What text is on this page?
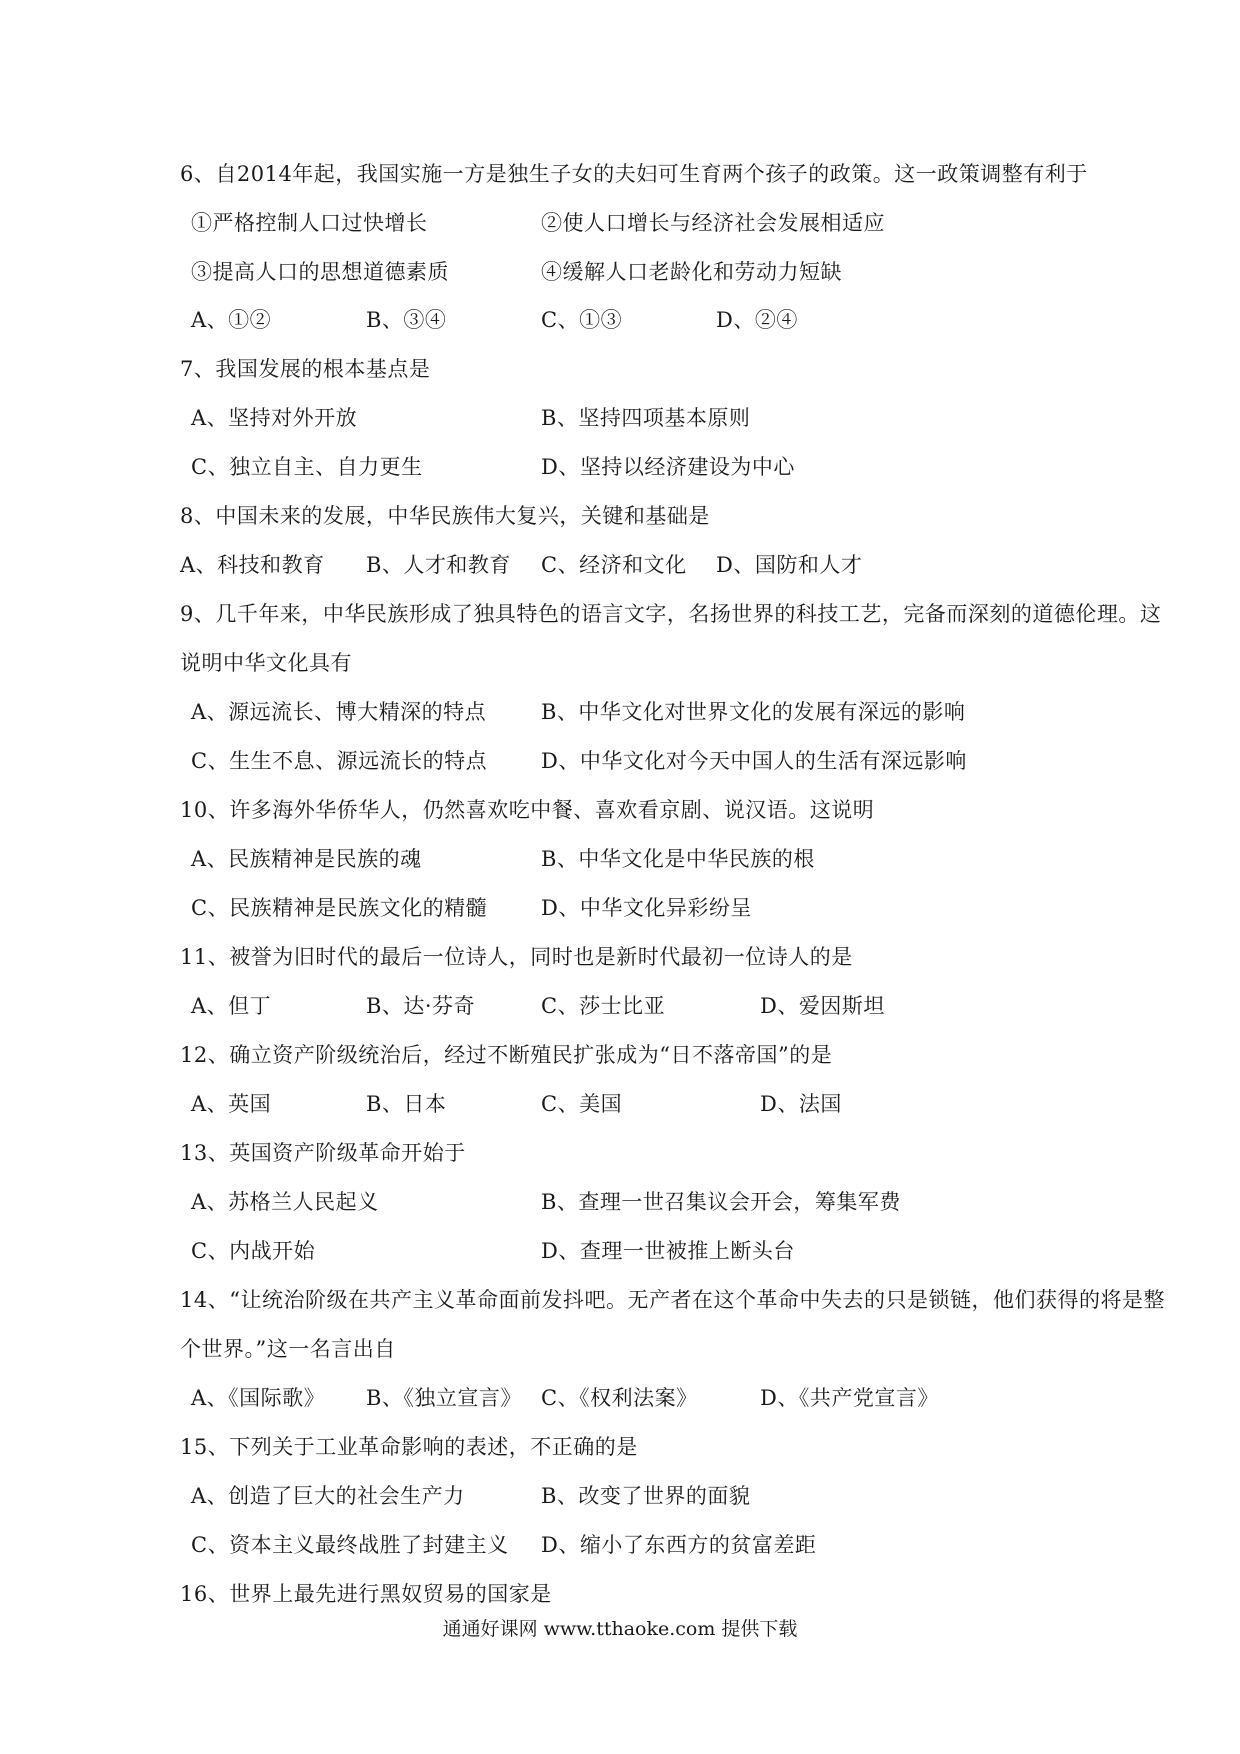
6、自2014年起，我国实施一方是独生子女的夫妇可生育两个孩子的政策。这一政策调整有利于
①严格控制人口过快增长	②使人口增长与经济社会发展相适应
③提高人口的思想道德素质	④缓解人口老龄化和劳动力短缺
A、①②	B、③④	C、①③	D、②④
7、我国发展的根本基点是
A、坚持对外开放	B、坚持四项基本原则
C、独立自主、自力更生	D、坚持以经济建设为中心
8、中国未来的发展，中华民族伟大复兴，关键和基础是
A、科技和教育 B、人才和教育 C、经济和文化 D、国防和人才
9、几千年来，中华民族形成了独具特色的语言文字，名扬世界的科技工艺，完备而深刻的道德伦理。这
说明中华文化具有
A、源远流长、博大精深的特点	B、中华文化对世界文化的发展有深远的影响
C、生生不息、源远流长的特点	D、中华文化对今天中国人的生活有深远影响
10、许多海外华侨华人，仍然喜欢吃中餐、喜欢看京剧、说汉语。这说明
A、民族精神是民族的魂	B、中华文化是中华民族的根
C、民族精神是民族文化的精髓	D、中华文化异彩纷呈
11、被誉为旧时代的最后一位诗人，同时也是新时代最初一位诗人的是
A、但丁	B、达·芬奇	C、莎士比亚	D、爱因斯坦
12、确立资产阶级统治后，经过不断殖民扩张成为“日不落帝国”的是
A、英国	B、日本	C、美国	D、法国
13、英国资产阶级革命开始于
A、苏格兰人民起义	B、查理一世召集议会开会，筹集军费
C、内战开始	D、查理一世被推上断头台
14、“让统治阶级在共产主义革命面前发抖吧。无产者在这个革命中失去的只是锁链，他们获得的将是整
个世界。”这一名言出自
A、《国际歌》 B、《独立宣言》 C、《权利法案》	D、《共产党宣言》
15、下列关于工业革命影响的表述，不正确的是
A、创造了巨大的社会生产力	B、改变了世界的面貌
C、资本主义最终战胜了封建主义 D、缩小了东西方的贫富差距
16、世界上最先进行黑奴贸易的国家是
通通好课网 www.tthaoke.com 提供下载
